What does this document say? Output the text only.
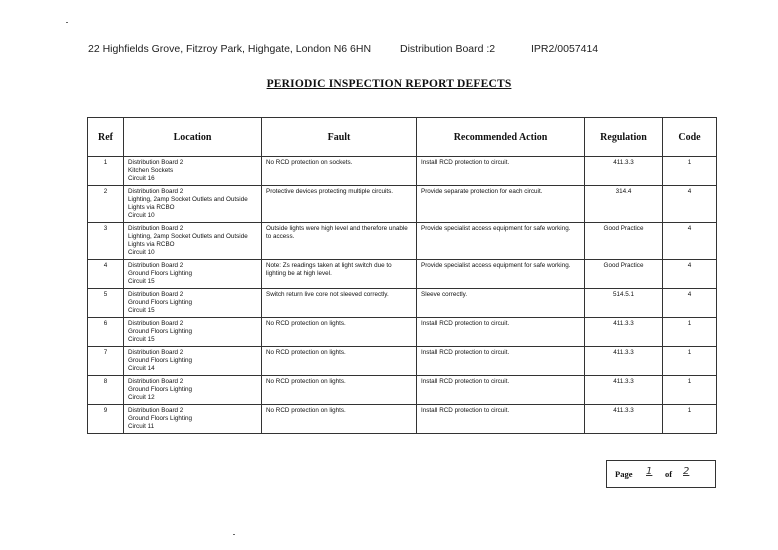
22 Highfields Grove, Fitzroy Park, Highgate, London N6 6HN	Distribution Board :2	IPR2/0057414
PERIODIC INSPECTION REPORT DEFECTS
Ref	Location	Fault	Recommended Action	Regulation	Code
1	Distribution Board 2
Kitchen Sockets
Circuit 16	No RCD protection on sockets.	Install RCD protection to circuit.	411.3.3	1
2	Distribution Board 2
Lighting, 2amp Socket Outlets and Outside
Lights via RCBO
Circuit 10	Protective devices protecting multiple circuits.	Provide separate protection for each circuit.	314.4	4
3	Distribution Board 2
Lighting, 2amp Socket Outlets and Outside
Lights via RCBO
Circuit 10	Outside lights were high level and therefore unable to access.	Provide specialist access equipment for safe working.	Good Practice	4
4	Distribution Board 2
Ground Floors Lighting
Circuit 15	Note: Zs readings taken at light switch due to lighting be at high level.	Provide specialist access equipment for safe working.	Good Practice	4
5	Distribution Board 2
Ground Floors Lighting
Circuit 15	Switch return live core not sleeved correctly.	Sleeve correctly.	514.5.1	4
6	Distribution Board 2
Ground Floors Lighting
Circuit 15	No RCD protection on lights.	Install RCD protection to circuit.	411.3.3	1
7	Distribution Board 2
Ground Floors Lighting
Circuit 14	No RCD protection on lights.	Install RCD protection to circuit.	411.3.3	1
8	Distribution Board 2
Ground Floors Lighting
Circuit 12	No RCD protection on lights.	Install RCD protection to circuit.	411.3.3	1
9	Distribution Board 2
Ground Floors Lighting
Circuit 11	No RCD protection on lights.	Install RCD protection to circuit.	411.3.3	1
Page 1 of 2
